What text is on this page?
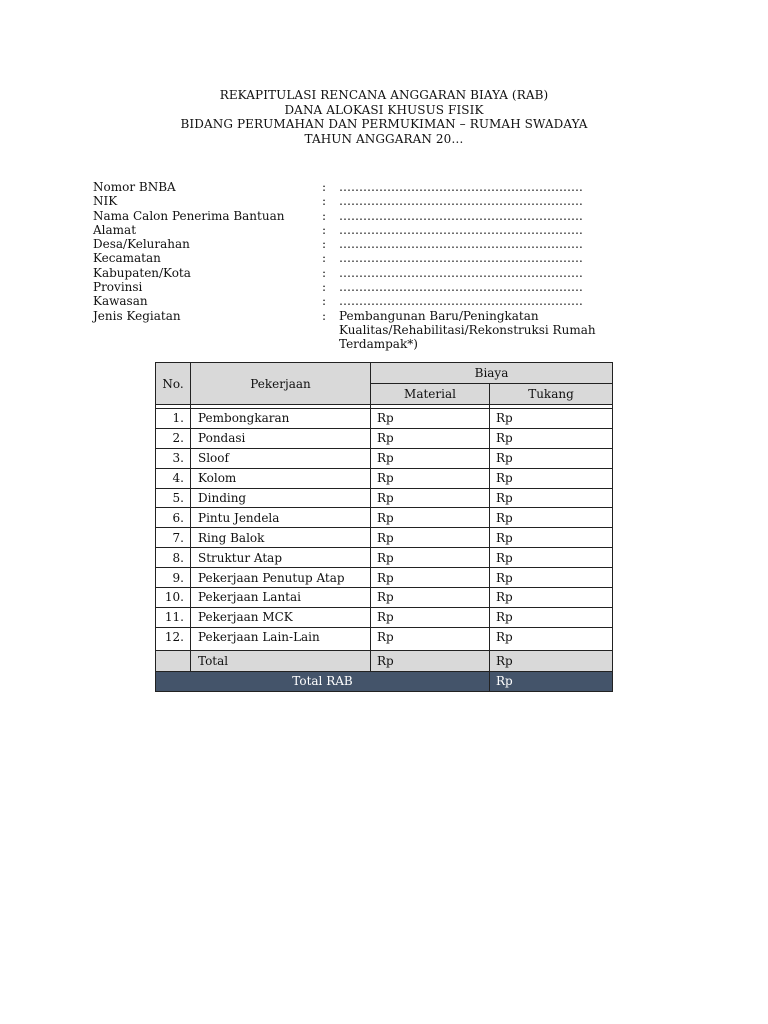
REKAPITULASI RENCANA ANGGARAN BIAYA (RAB)
DANA ALOKASI KHUSUS FISIK
BIDANG PERUMAHAN DAN PERMUKIMAN – RUMAH SWADAYA
TAHUN ANGGARAN 20…
Nomor BNBA	:	…………………………………………………….
NIK	:	…………………………………………………….
Nama Calon Penerima Bantuan	:	…………………………………………………….
Alamat	:	…………………………………………………….
Desa/Kelurahan	:	…………………………………………………….
Kecamatan	:	…………………………………………………….
Kabupaten/Kota	:	…………………………………………………….
Provinsi	:	…………………………………………………….
Kawasan	:	…………………………………………………….
Jenis Kegiatan	:	Pembangunan Baru/Peningkatan
Kualitas/Rehabilitasi/Rekonstruksi Rumah
Terdampak*)
No.	Pekerjaan	Biaya	
		Material	Tukang

1.	Pembongkaran	Rp	Rp
2.	Pondasi	Rp	Rp
3.	Sloof	Rp	Rp
4.	Kolom	Rp	Rp
5.	Dinding	Rp	Rp
6.	Pintu Jendela	Rp	Rp
7.	Ring Balok	Rp	Rp
8.	Struktur Atap	Rp	Rp
9.	Pekerjaan Penutup Atap	Rp	Rp
10.	Pekerjaan Lantai	Rp	Rp
11.	Pekerjaan MCK	Rp	Rp
12.	Pekerjaan Lain-Lain	Rp	Rp
	Total	Rp	Rp
Total RAB			Rp
